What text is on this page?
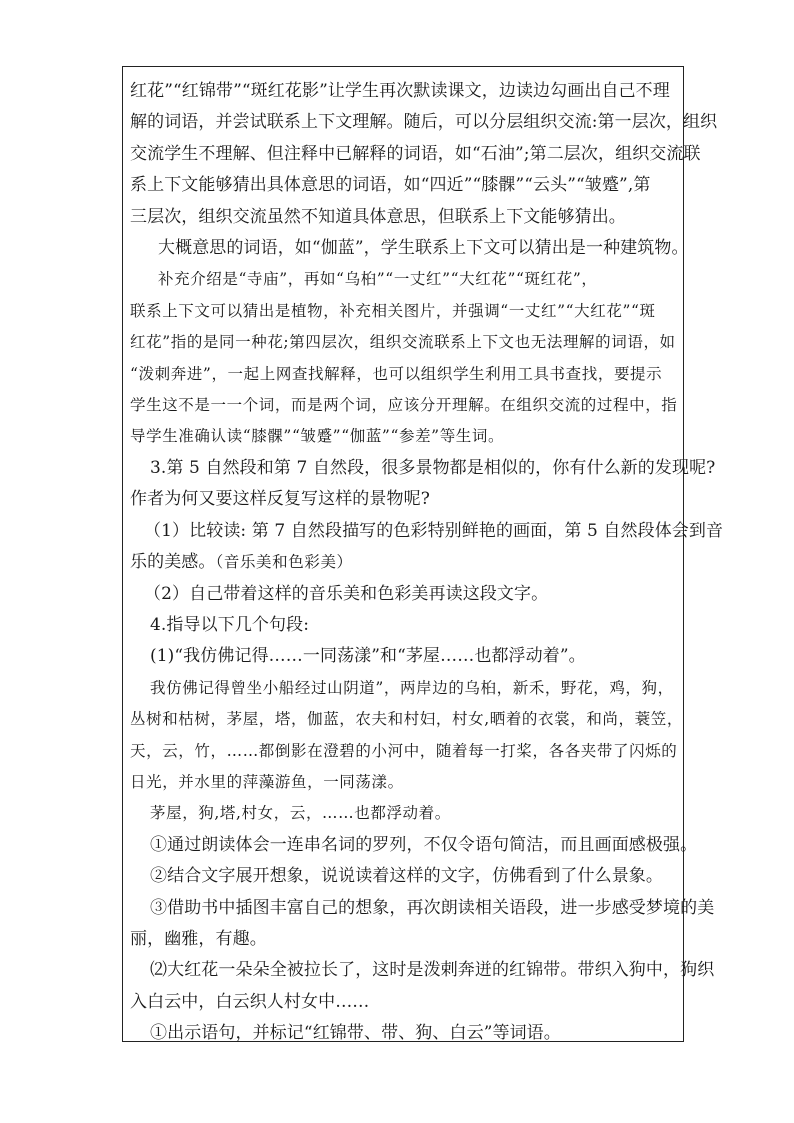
红花”“红锦带”“斑红花影”让学生再次默读课文，边读边勾画出自己不理
解的词语，并尝试联系上下文理解。随后，可以分层组织交流:第一层次，组织
交流学生不理解、但注释中已解释的词语，如“石油”;第二层次，组织交流联
系上下文能够猜出具体意思的词语，如“四近”“膝髁”“云头”“皱蹙”,第
三层次，组织交流虽然不知道具体意思，但联系上下文能够猜出。
大概意思的词语，如“伽蓝”，学生联系上下文可以猜出是一种建筑物。
补充介绍是“寺庙”，再如“乌桕”“一丈红”“大红花”“斑红花”，
联系上下文可以猜出是植物，补充相关图片，并强调“一丈红”“大红花”“斑
红花”指的是同一种花;第四层次，组织交流联系上下文也无法理解的词语，如
“泼刺奔进”，一起上网查找解释，也可以组织学生利用工具书查找，要提示
学生这不是一一个词，而是两个词，应该分开理解。在组织交流的过程中，指
导学生准确认读“膝髁”“皱蹙”“伽蓝”“参差”等生词。
3.第 5 自然段和第 7 自然段，很多景物都是相似的，你有什么新的发现呢?
作者为何又要这样反复写这样的景物呢?
（1）比较读: 第 7 自然段描写的色彩特别鲜艳的画面，第 5 自然段体会到音
乐的美感。（音乐美和色彩美）
（2）自己带着这样的音乐美和色彩美再读这段文字。
4.指导以下几个句段:
(1)“我仿佛记得……一同荡漾”和“茅屋……也都浮动着”。
我仿佛记得曾坐小船经过山阴道”，两岸边的乌桕，新禾，野花，鸡，狗，
丛树和枯树，茅屋，塔，伽蓝，农夫和村妇，村女,晒着的衣裳，和尚，蓑笠，
天，云，竹，……都倒影在澄碧的小河中，随着每一打桨，各各夹带了闪烁的
日光，并水里的萍藻游鱼，一同荡漾。
茅屋，狗,塔,村女，云，……也都浮动着。
①通过朗读体会一连串名词的罗列，不仅令语句简洁，而且画面感极强。
②结合文字展开想象，说说读着这样的文字，仿佛看到了什么景象。
③借助书中插图丰富自己的想象，再次朗读相关语段，进一步感受梦境的美
丽，幽雅，有趣。
⑵大红花一朵朵全被拉长了，这时是泼剌奔迸的红锦带。带织入狗中，狗织
入白云中，白云织人村女中……
①出示语句，并标记“红锦带、带、狗、白云”等词语。
